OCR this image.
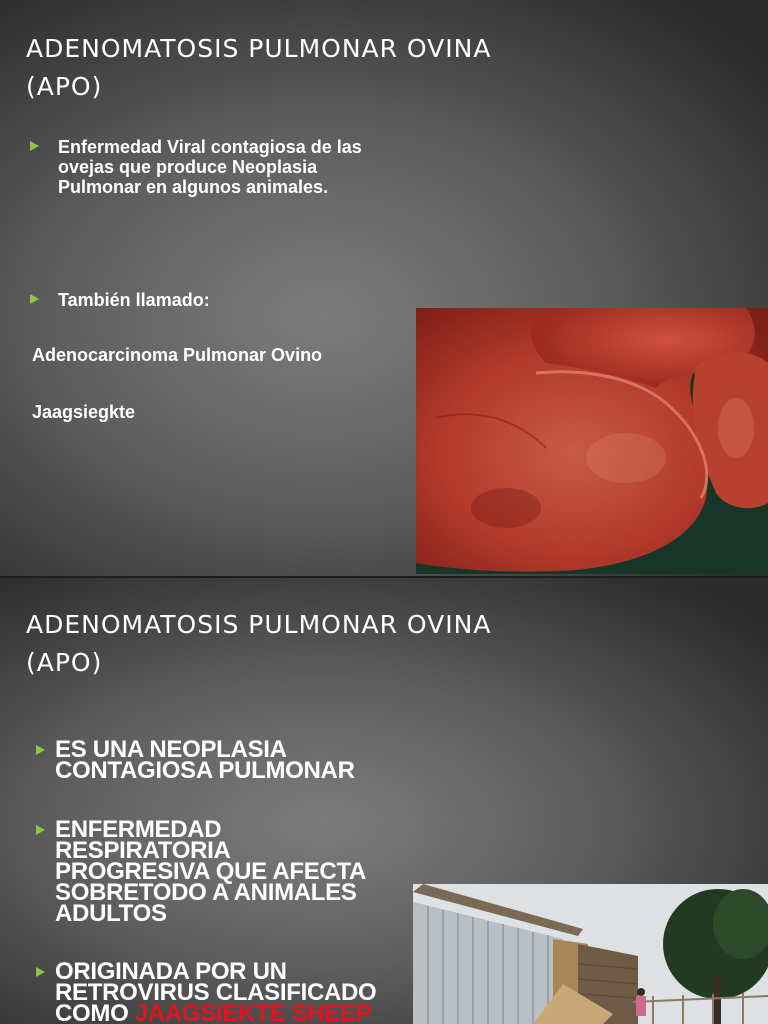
ADENOMATOSIS PULMONAR OVINA
(APO)
Enfermedad Viral contagiosa de las
ovejas que produce Neoplasia
Pulmonar en algunos animales.
También llamado:
Adenocarcinoma Pulmonar Ovino
Jaagsiegkte
ADENOMATOSIS PULMONAR OVINA
(APO)
ES UNA NEOPLASIA
CONTAGIOSA PULMONAR
ENFERMEDAD
RESPIRATORIA
PROGRESIVA QUE AFECTA
SOBRETODO A ANIMALES
ADULTOS
ORIGINADA POR UN
RETROVIRUS CLASIFICADO
COMO JAAGSIEKTE SHEEP
